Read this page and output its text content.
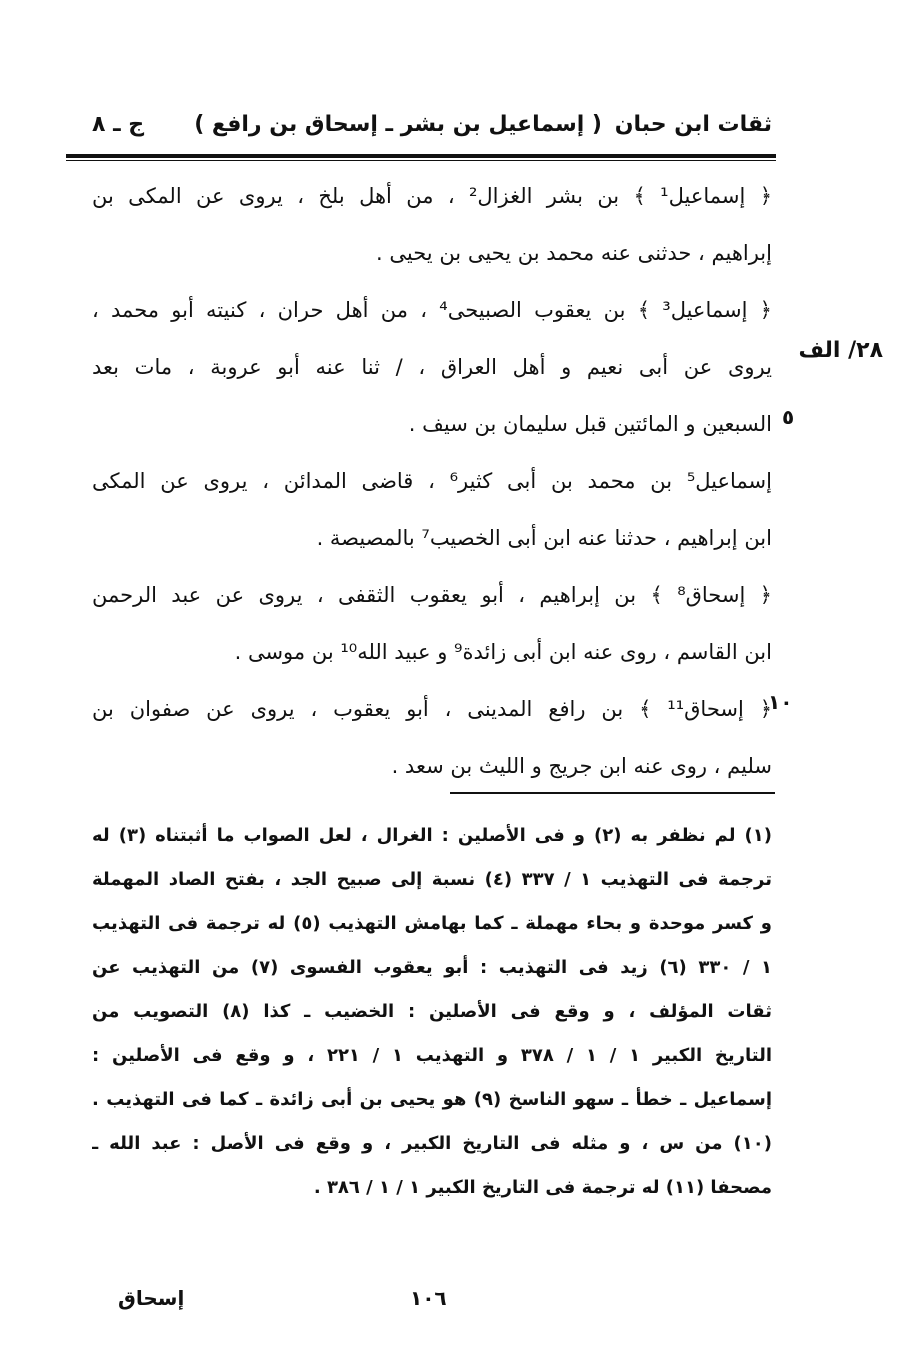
ثقات ابن حبان
( إسماعيل بن بشر ـ إسحاق بن رافع )
ج ـ ٨
٢٨/ الف
٥
١٠
﴿ إسماعيل¹ ﴾ بن بشر الغزال² ، من أهل بلخ ، يروى عن المكى بن
إبراهيم ، حدثنى عنه محمد بن يحيى بن يحيى .
﴿ إسماعيل³ ﴾ بن يعقوب الصبيحى⁴ ، من أهل حران ، كنيته أبو محمد ،
يروى عن أبى نعيم و أهل العراق ، / ثنا عنه أبو عروبة ، مات بعد
السبعين و المائتين قبل سليمان بن سيف .
إسماعيل⁵ بن محمد بن أبى كثير⁶ ، قاضى المدائن ، يروى عن المكى
ابن إبراهيم ، حدثنا عنه ابن أبى الخصيب⁷ بالمصيصة .
﴿ إسحاق⁸ ﴾ بن إبراهيم ، أبو يعقوب الثقفى ، يروى عن عبد الرحمن
ابن القاسم ، روى عنه ابن أبى زائدة⁹ و عبيد الله¹⁰ بن موسى .
﴿ إسحاق¹¹ ﴾ بن رافع المدينى ، أبو يعقوب ، يروى عن صفوان بن
سليم ، روى عنه ابن جريج و الليث بن سعد .
(١) لم نظفر به (٢) و فى الأصلين : الغرال ، لعل الصواب ما أثبتناه (٣) له
ترجمة فى التهذيب ١ / ٣٣٧ (٤) نسبة إلى صبيح الجد ، بفتح الصاد المهملة
و كسر موحدة و بحاء مهملة ـ كما بهامش التهذيب (٥) له ترجمة فى التهذيب
١ / ٣٣٠ (٦) زيد فى التهذيب : أبو يعقوب الفسوى (٧) من التهذيب عن
ثقات المؤلف ، و وقع فى الأصلين : الخضيب ـ كذا (٨) التصويب من
التاريخ الكبير ١ / ١ / ٣٧٨ و التهذيب ١ / ٢٢١ ، و وقع فى الأصلين :
إسماعيل ـ خطأ ـ سهو الناسخ (٩) هو يحيى بن أبى زائدة ـ كما فى التهذيب .
(١٠) من س ، و مثله فى التاريخ الكبير ، و وقع فى الأصل : عبد الله ـ
مصحفا (١١) له ترجمة فى التاريخ الكبير ١ / ١ / ٣٨٦ .
١٠٦
إسحاق
